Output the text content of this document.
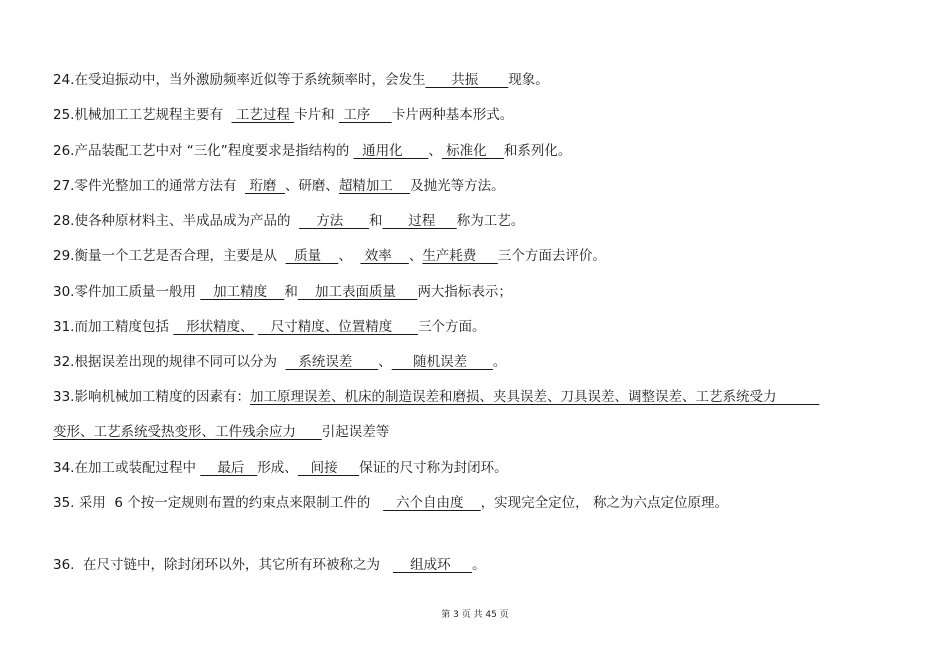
24.在受迫振动中，当外激励频率近似等于系统频率时，会发生      共振       现象。
25.机械加工工艺规程主要有   工艺过程 卡片和  工序     卡片两种基本形式。
26.产品装配工艺中对 “三化”程度要求是指结构的   通用化      、 标准化    和系列化。
27.零件光整加工的通常方法有   珩磨  、研磨、超精加工    及抛光等方法。
28.使各种原材料主、半成品成为产品的      方法      和      过程     称为工艺。
29.衡量一个工艺是否合理，主要是从    质量    、   效率    、生产耗费     三个方面去评价。
30.零件加工质量一般用    加工精度    和    加工表面质量     两大指标表示；
31.而加工精度包括    形状精度、    尺寸精度、位置精度      三个方面。
32.根据误差出现的规律不同可以分为     系统误差      、     随机误差      。
33.影响机械加工精度的因素有：加工原理误差、机床的制造误差和磨损、夹具误差、刀具误差、调整误差、工艺系统受力
变形、工艺系统受热变形、工件残余应力      引起误差等
34.在加工或装配过程中     最后   形成、   间接     保证的尺寸称为封闭环。
35. 采用  6 个按一定规则布置的约束点来限制工件的      六个自由度    ，实现完全定位， 称之为六点定位原理。
36.  在尺寸链中，除封闭环以外，其它所有环被称之为       组成环     。
第 3 页 共 45 页
